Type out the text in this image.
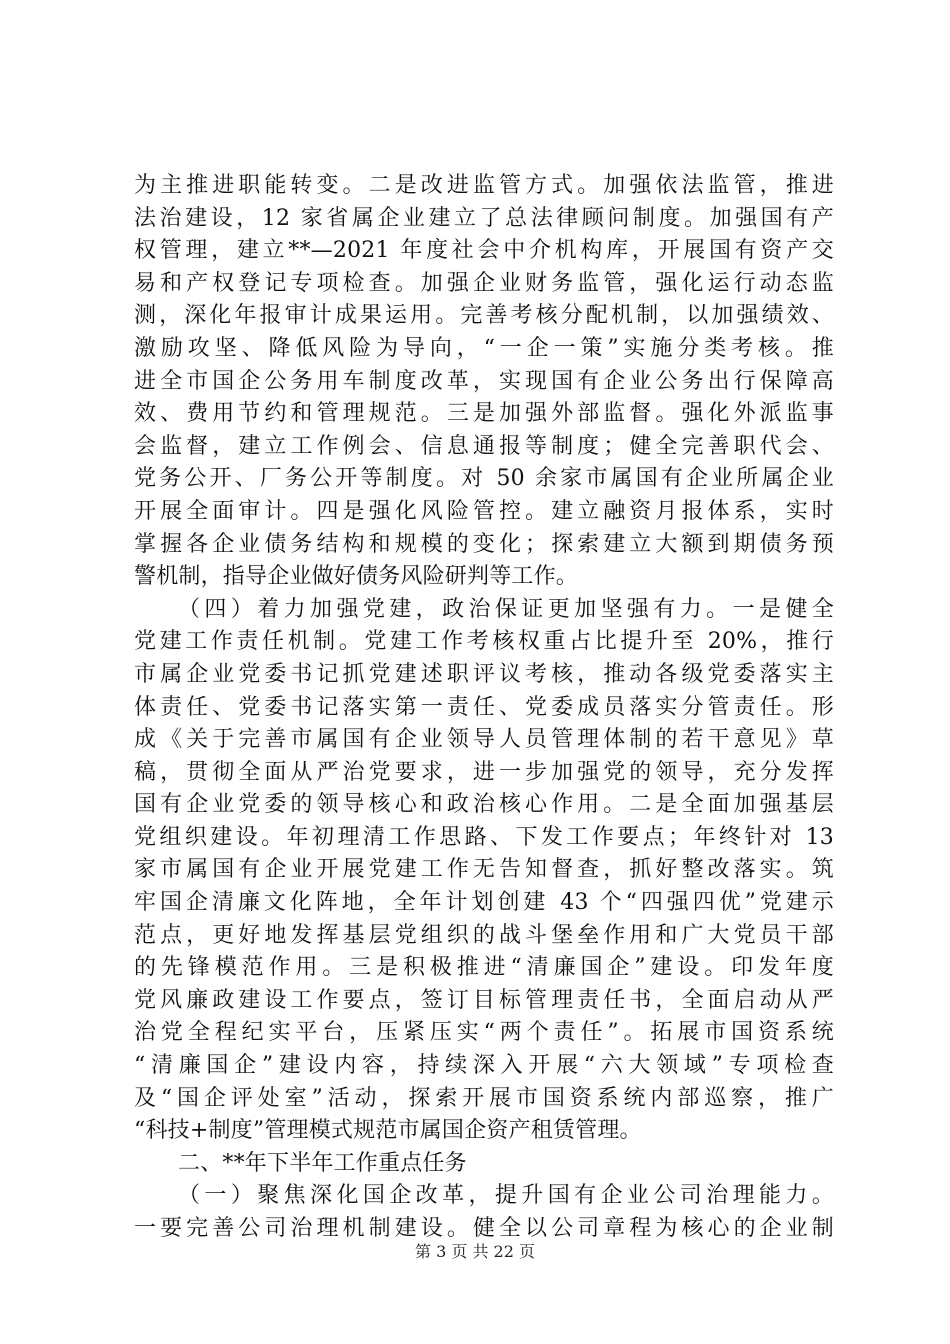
为主推进职能转变。二是改进监管方式。加强依法监管，推进
法治建设，12 家省属企业建立了总法律顾问制度。加强国有产
权管理，建立**—2021 年度社会中介机构库，开展国有资产交
易和产权登记专项检查。加强企业财务监管，强化运行动态监
测，深化年报审计成果运用。完善考核分配机制，以加强绩效、
激励攻坚、降低风险为导向，“一企一策”实施分类考核。推
进全市国企公务用车制度改革，实现国有企业公务出行保障高
效、费用节约和管理规范。三是加强外部监督。强化外派监事
会监督，建立工作例会、信息通报等制度；健全完善职代会、
党务公开、厂务公开等制度。对 50 余家市属国有企业所属企业
开展全面审计。四是强化风险管控。建立融资月报体系，实时
掌握各企业债务结构和规模的变化；探索建立大额到期债务预
警机制，指导企业做好债务风险研判等工作。
（四）着力加强党建，政治保证更加坚强有力。一是健全
党建工作责任机制。党建工作考核权重占比提升至 20%，推行
市属企业党委书记抓党建述职评议考核，推动各级党委落实主
体责任、党委书记落实第一责任、党委成员落实分管责任。形
成《关于完善市属国有企业领导人员管理体制的若干意见》草
稿，贯彻全面从严治党要求，进一步加强党的领导，充分发挥
国有企业党委的领导核心和政治核心作用。二是全面加强基层
党组织建设。年初理清工作思路、下发工作要点；年终针对 13
家市属国有企业开展党建工作无告知督查，抓好整改落实。筑
牢国企清廉文化阵地，全年计划创建 43 个“四强四优”党建示
范点，更好地发挥基层党组织的战斗堡垒作用和广大党员干部
的先锋模范作用。三是积极推进“清廉国企”建设。印发年度
党风廉政建设工作要点，签订目标管理责任书，全面启动从严
治党全程纪实平台，压紧压实“两个责任”。拓展市国资系统
“清廉国企”建设内容，持续深入开展“六大领域”专项检查
及“国企评处室”活动，探索开展市国资系统内部巡察，推广
“科技+制度”管理模式规范市属国企资产租赁管理。
二、**年下半年工作重点任务
（一）聚焦深化国企改革，提升国有企业公司治理能力。
一要完善公司治理机制建设。健全以公司章程为核心的企业制
第 3 页 共 22 页
